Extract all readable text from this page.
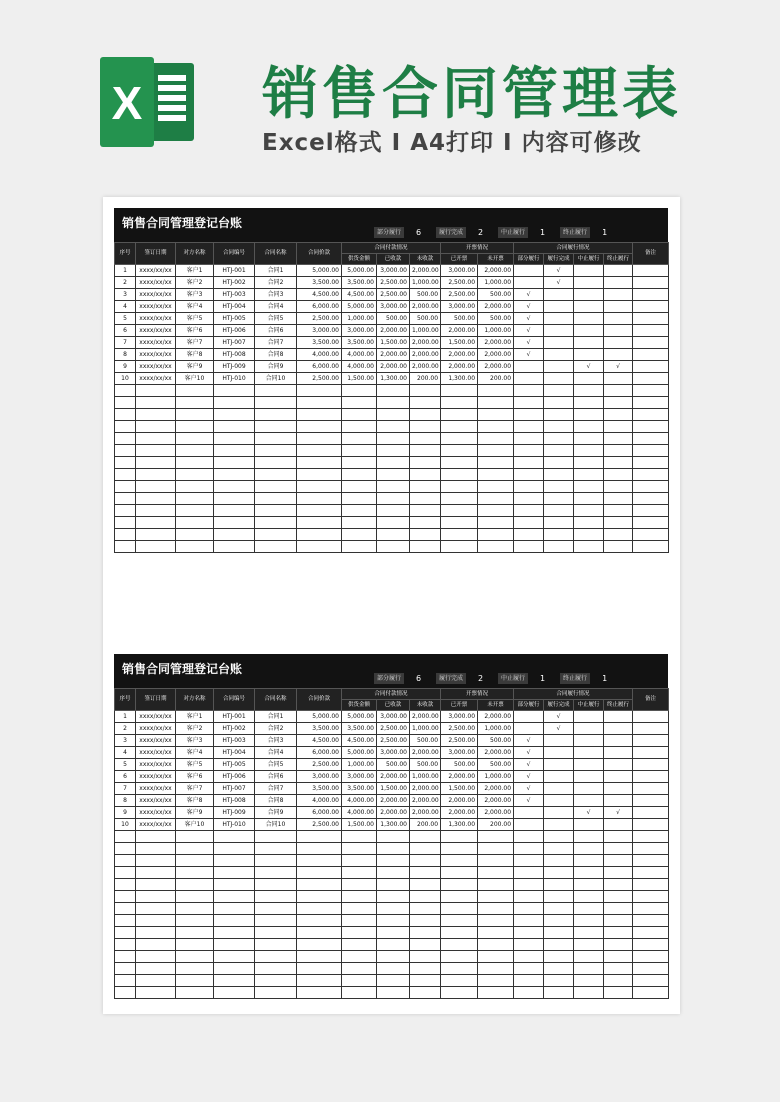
X 销售合同管理表
Excel格式 I A4打印 I 内容可修改
销售合同管理登记台账
部分履行	6	履行完成	2	中止履行	1	终止履行	1
序号	签订日期	对方名称	合同编号	合同名称	合同价款	合同付款情况			开票情况		合同履行情况				备注
						供货金额	已收款	未收款	已开票	未开票	部分履行	履行完成	中止履行	终止履行	
1	xxxx/xx/xx	客户1	HTJ-001	合同1	5,000.00	5,000.00	3,000.00	2,000.00	3,000.00	2,000.00		√			
2	xxxx/xx/xx	客户2	HTJ-002	合同2	3,500.00	3,500.00	2,500.00	1,000.00	2,500.00	1,000.00		√			
3	xxxx/xx/xx	客户3	HTJ-003	合同3	4,500.00	4,500.00	2,500.00	500.00	2,500.00	500.00	√				
4	xxxx/xx/xx	客户4	HTJ-004	合同4	6,000.00	5,000.00	3,000.00	2,000.00	3,000.00	2,000.00	√				
5	xxxx/xx/xx	客户5	HTJ-005	合同5	2,500.00	1,000.00	500.00	500.00	500.00	500.00	√				
6	xxxx/xx/xx	客户6	HTJ-006	合同6	3,000.00	3,000.00	2,000.00	1,000.00	2,000.00	1,000.00	√				
7	xxxx/xx/xx	客户7	HTJ-007	合同7	3,500.00	3,500.00	1,500.00	2,000.00	1,500.00	2,000.00	√				
8	xxxx/xx/xx	客户8	HTJ-008	合同8	4,000.00	4,000.00	2,000.00	2,000.00	2,000.00	2,000.00	√				
9	xxxx/xx/xx	客户9	HTJ-009	合同9	6,000.00	4,000.00	2,000.00	2,000.00	2,000.00	2,000.00			√	√	
10	xxxx/xx/xx	客户10	HTJ-010	合同10	2,500.00	1,500.00	1,300.00	200.00	1,300.00	200.00					

销售合同管理登记台账
部分履行	6	履行完成	2	中止履行	1	终止履行	1
序号	签订日期	对方名称	合同编号	合同名称	合同价款	合同付款情况			开票情况		合同履行情况				备注
						供货金额	已收款	未收款	已开票	未开票	部分履行	履行完成	中止履行	终止履行	
1	xxxx/xx/xx	客户1	HTJ-001	合同1	5,000.00	5,000.00	3,000.00	2,000.00	3,000.00	2,000.00		√			
2	xxxx/xx/xx	客户2	HTJ-002	合同2	3,500.00	3,500.00	2,500.00	1,000.00	2,500.00	1,000.00		√			
3	xxxx/xx/xx	客户3	HTJ-003	合同3	4,500.00	4,500.00	2,500.00	500.00	2,500.00	500.00	√				
4	xxxx/xx/xx	客户4	HTJ-004	合同4	6,000.00	5,000.00	3,000.00	2,000.00	3,000.00	2,000.00	√				
5	xxxx/xx/xx	客户5	HTJ-005	合同5	2,500.00	1,000.00	500.00	500.00	500.00	500.00	√				
6	xxxx/xx/xx	客户6	HTJ-006	合同6	3,000.00	3,000.00	2,000.00	1,000.00	2,000.00	1,000.00	√				
7	xxxx/xx/xx	客户7	HTJ-007	合同7	3,500.00	3,500.00	1,500.00	2,000.00	1,500.00	2,000.00	√				
8	xxxx/xx/xx	客户8	HTJ-008	合同8	4,000.00	4,000.00	2,000.00	2,000.00	2,000.00	2,000.00	√				
9	xxxx/xx/xx	客户9	HTJ-009	合同9	6,000.00	4,000.00	2,000.00	2,000.00	2,000.00	2,000.00			√	√	
10	xxxx/xx/xx	客户10	HTJ-010	合同10	2,500.00	1,500.00	1,300.00	200.00	1,300.00	200.00					
